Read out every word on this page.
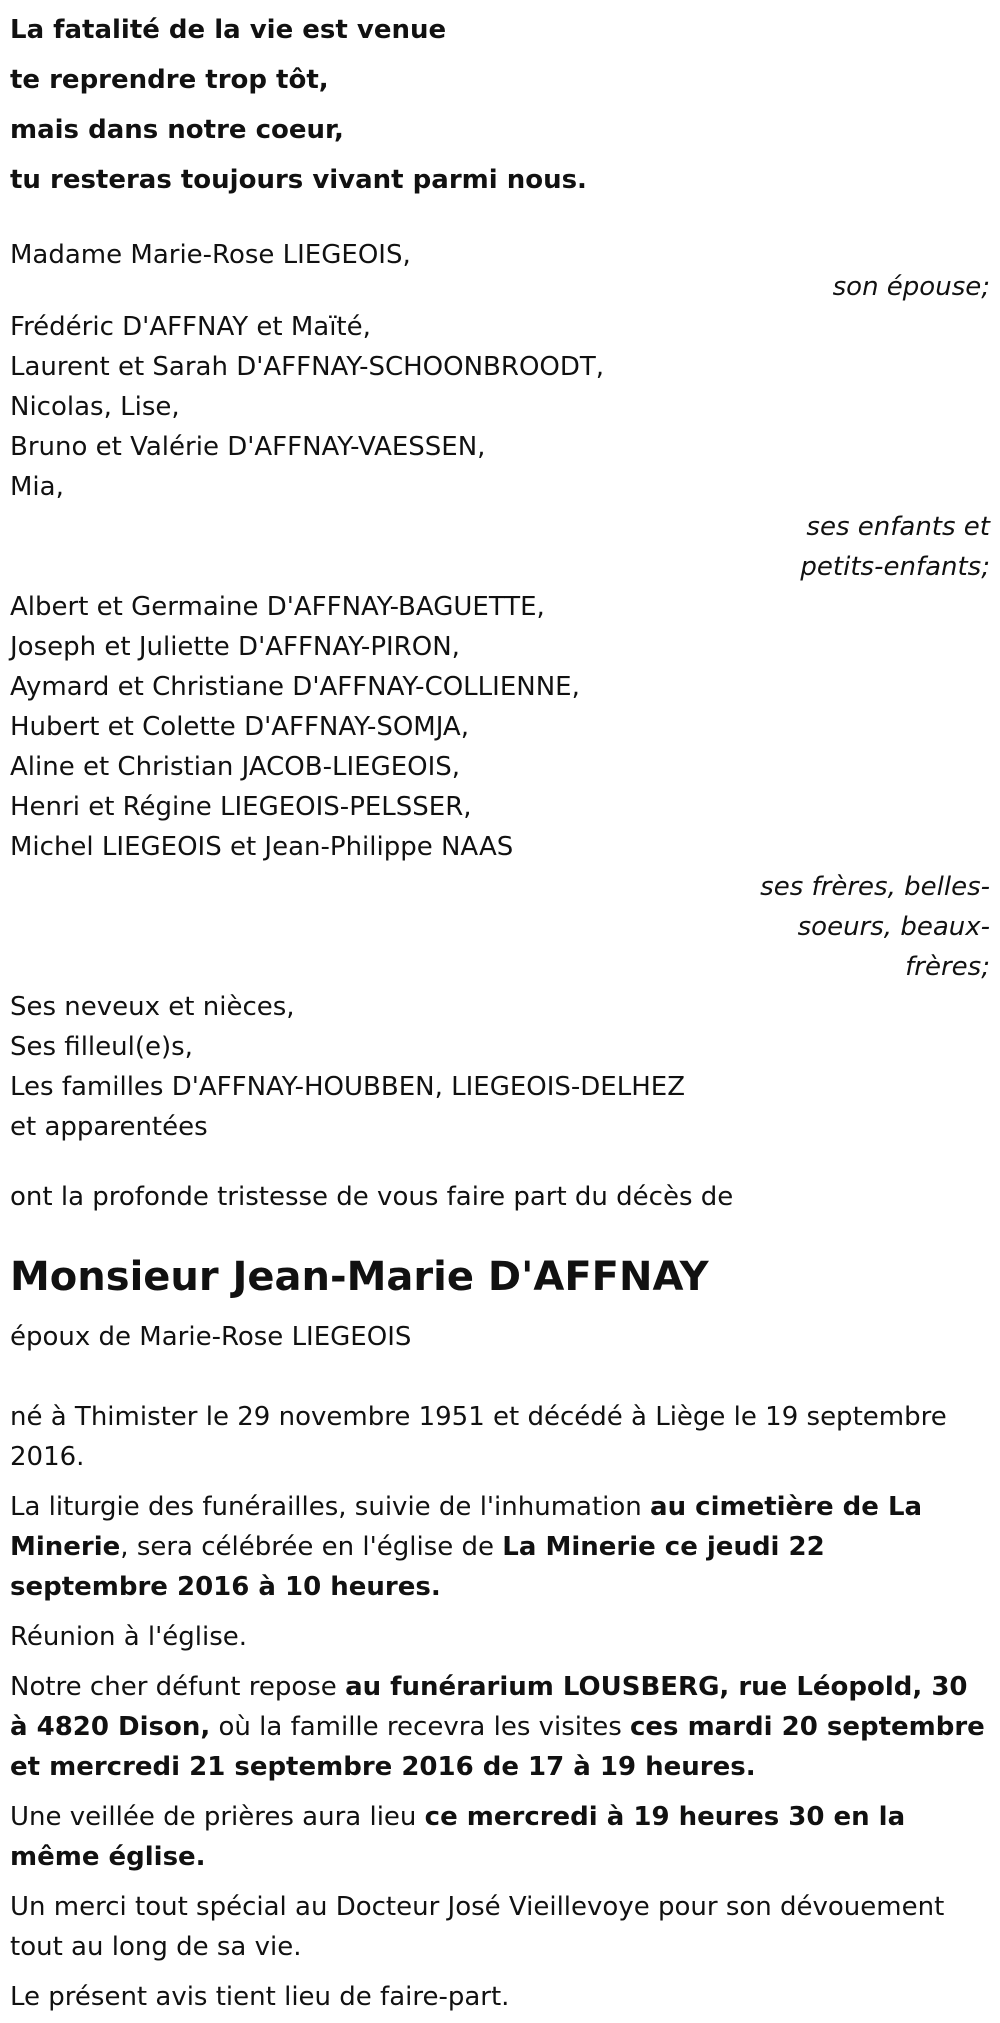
La fatalité de la vie est venue

te reprendre trop tôt,

mais dans notre coeur,

tu resteras toujours vivant parmi nous.

Madame Marie-Rose LIEGEOIS,

son épouse;

Frédéric D'AFFNAY et Maïté,

Laurent et Sarah D'AFFNAY-SCHOONBROODT,

Nicolas, Lise,

Bruno et Valérie D'AFFNAY-VAESSEN,

Mia,

ses enfants et

petits-enfants;

Albert et Germaine D'AFFNAY-BAGUETTE,

Joseph et Juliette D'AFFNAY-PIRON,

Aymard et Christiane D'AFFNAY-COLLIENNE,

Hubert et Colette D'AFFNAY-SOMJA,

Aline et Christian JACOB-LIEGEOIS,

Henri et Régine LIEGEOIS-PELSSER,

Michel LIEGEOIS et Jean-Philippe NAAS

ses frères, belles-

soeurs, beaux-

frères;

Ses neveux et nièces,

Ses filleul(e)s,

Les familles D'AFFNAY-HOUBBEN, LIEGEOIS-DELHEZ

et apparentées

ont la profonde tristesse de vous faire part du décès de

Monsieur Jean-Marie D'AFFNAY

époux de Marie-Rose LIEGEOIS

né à Thimister le 29 novembre 1951 et décédé à Liège le 19 septembre 2016.

La liturgie des funérailles, suivie de l'inhumation au cimetière de La Minerie, sera célébrée en l'église de La Minerie ce jeudi 22 septembre 2016 à 10 heures.

Réunion à l'église.

Notre cher défunt repose au funérarium LOUSBERG, rue Léopold, 30 à 4820 Dison, où la famille recevra les visites ces mardi 20 septembre et mercredi 21 septembre 2016 de 17 à 19 heures.

Une veillée de prières aura lieu ce mercredi à 19 heures 30 en la même église.

Un merci tout spécial au Docteur José Vieillevoye pour son dévouement tout au long de sa vie.

Le présent avis tient lieu de faire-part.
